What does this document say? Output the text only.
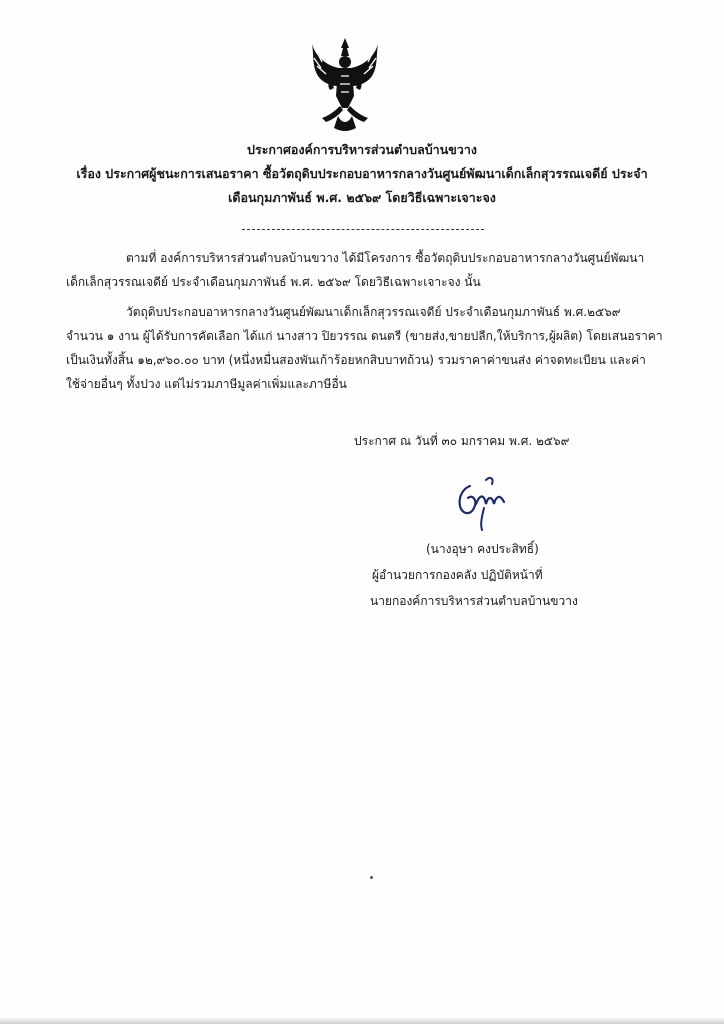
ประกาศองค์การบริหารส่วนตำบลบ้านขวาง
เรื่อง ประกาศผู้ชนะการเสนอราคา ซื้อวัตถุดิบประกอบอาหารกลางวันศูนย์พัฒนาเด็กเล็กสุวรรณเจดีย์ ประจำ
เดือนกุมภาพันธ์ พ.ศ. ๒๕๖๙ โดยวิธีเฉพาะเจาะจง
ตามที่ องค์การบริหารส่วนตำบลบ้านขวาง ได้มีโครงการ ซื้อวัตถุดิบประกอบอาหารกลางวันศูนย์พัฒนา
เด็กเล็กสุวรรณเจดีย์ ประจำเดือนกุมภาพันธ์ พ.ศ. ๒๕๖๙ โดยวิธีเฉพาะเจาะจง นั้น
วัตถุดิบประกอบอาหารกลางวันศูนย์พัฒนาเด็กเล็กสุวรรณเจดีย์ ประจำเดือนกุมภาพันธ์ พ.ศ.๒๕๖๙
จำนวน ๑ งาน ผู้ได้รับการคัดเลือก ได้แก่ นางสาว ปิยวรรณ ดนตรี (ขายส่ง,ขายปลีก,ให้บริการ,ผู้ผลิต) โดยเสนอราคา
เป็นเงินทั้งสิ้น ๑๒,๙๖๐.๐๐ บาท (หนึ่งหมื่นสองพันเก้าร้อยหกสิบบาทถ้วน) รวมราคาค่าขนส่ง ค่าจดทะเบียน และค่า
ใช้จ่ายอื่นๆ ทั้งปวง แต่ไม่รวมภาษีมูลค่าเพิ่มและภาษีอื่น
ประกาศ ณ วันที่ ๓๐ มกราคม พ.ศ. ๒๕๖๙
(นางอุษา คงประสิทธิ์)
ผู้อำนวยการกองคลัง ปฏิบัติหน้าที่
นายกองค์การบริหารส่วนตำบลบ้านขวาง
